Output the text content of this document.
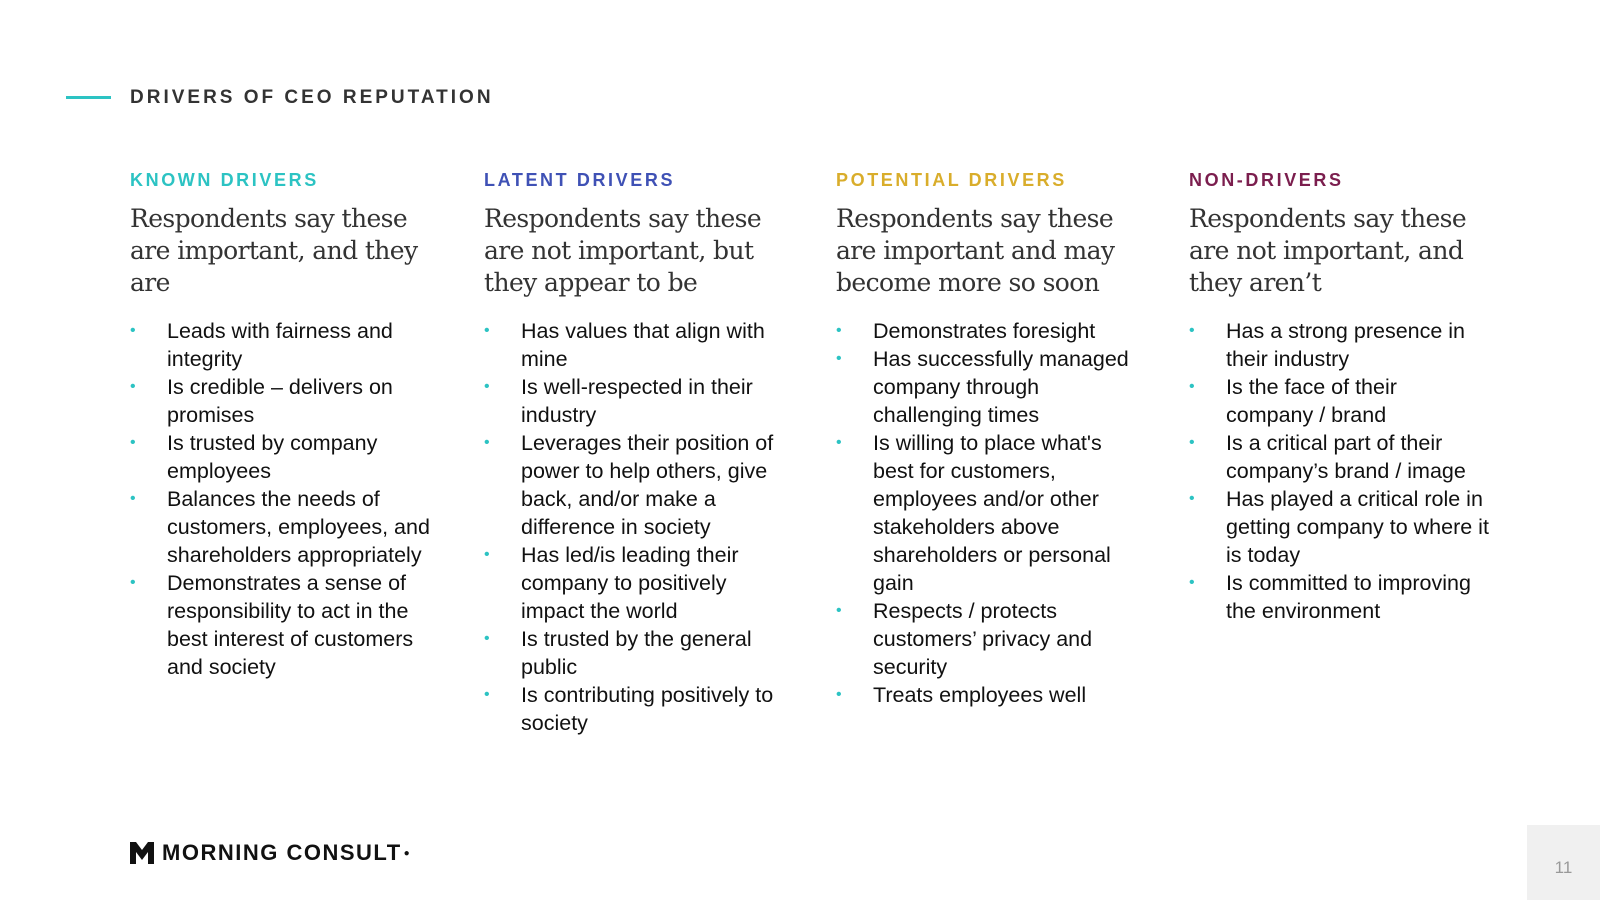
DRIVERS OF CEO REPUTATION
KNOWN DRIVERS
Respondents say these are important, and they are
• Leads with fairness and integrity
• Is credible – delivers on promises
• Is trusted by company employees
• Balances the needs of customers, employees, and shareholders appropriately
• Demonstrates a sense of responsibility to act in the best interest of customers and society
LATENT DRIVERS
Respondents say these are not important, but they appear to be
• Has values that align with mine
• Is well-respected in their industry
• Leverages their position of power to help others, give back, and/or make a difference in society
• Has led/is leading their company to positively impact the world
• Is trusted by the general public
• Is contributing positively to society
POTENTIAL DRIVERS
Respondents say these are important and may become more so soon
• Demonstrates foresight
• Has successfully managed company through challenging times
• Is willing to place what's best for customers, employees and/or other stakeholders above shareholders or personal gain
• Respects / protects customers’ privacy and security
• Treats employees well
NON-DRIVERS
Respondents say these are not important, and they aren’t
• Has a strong presence in their industry
• Is the face of their company / brand
• Is a critical part of their company’s brand / image
• Has played a critical role in getting company to where it is today
• Is committed to improving the environment
MORNING CONSULT ●
11
